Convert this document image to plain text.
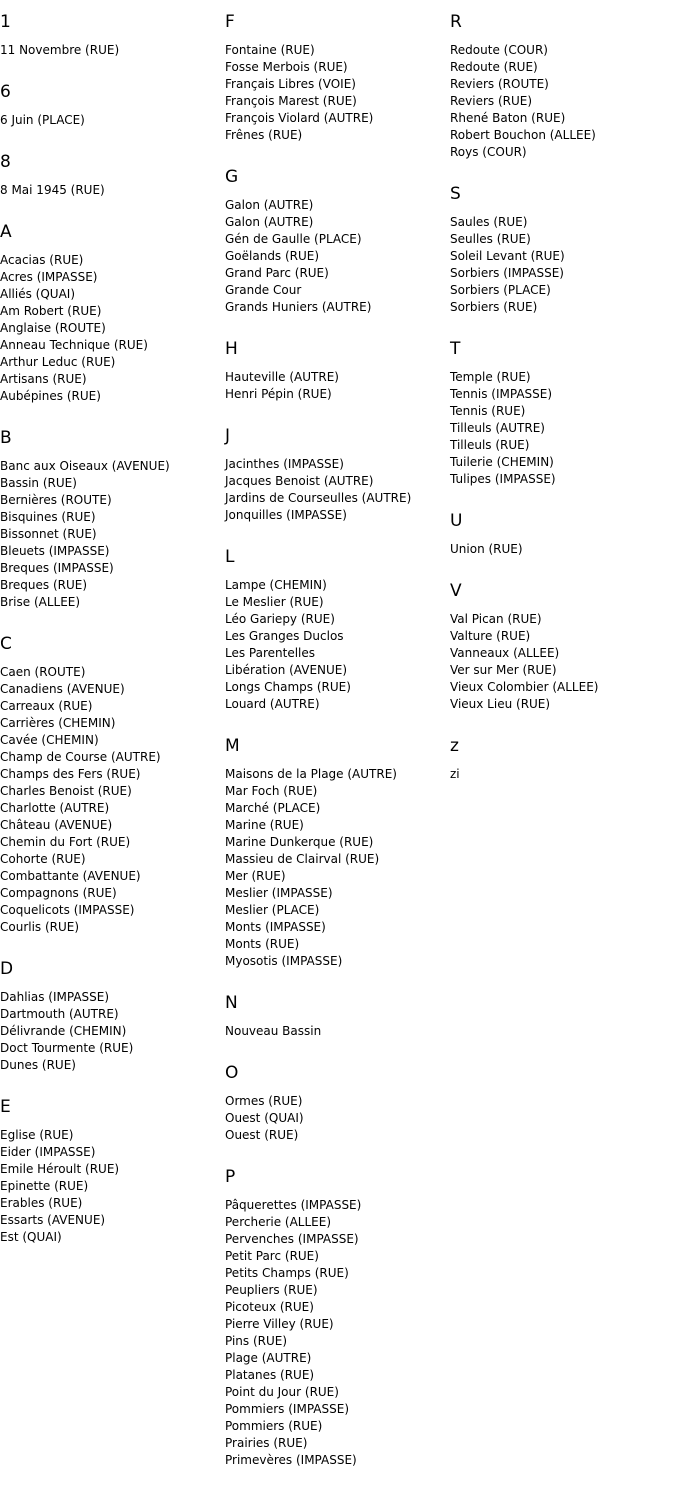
1
11 Novembre (RUE)
6
6 Juin (PLACE)
8
8 Mai 1945 (RUE)
A
Acacias (RUE)
Acres (IMPASSE)
Alliés (QUAI)
Am Robert (RUE)
Anglaise (ROUTE)
Anneau Technique (RUE)
Arthur Leduc (RUE)
Artisans (RUE)
Aubépines (RUE)
B
Banc aux Oiseaux (AVENUE)
Bassin (RUE)
Bernières (ROUTE)
Bisquines (RUE)
Bissonnet (RUE)
Bleuets (IMPASSE)
Breques (IMPASSE)
Breques (RUE)
Brise (ALLEE)
C
Caen (ROUTE)
Canadiens (AVENUE)
Carreaux (RUE)
Carrières (CHEMIN)
Cavée (CHEMIN)
Champ de Course (AUTRE)
Champs des Fers (RUE)
Charles Benoist (RUE)
Charlotte (AUTRE)
Château (AVENUE)
Chemin du Fort (RUE)
Cohorte (RUE)
Combattante (AVENUE)
Compagnons (RUE)
Coquelicots (IMPASSE)
Courlis (RUE)
D
Dahlias (IMPASSE)
Dartmouth (AUTRE)
Délivrande (CHEMIN)
Doct Tourmente (RUE)
Dunes (RUE)
E
Eglise (RUE)
Eider (IMPASSE)
Emile Héroult (RUE)
Epinette (RUE)
Erables (RUE)
Essarts (AVENUE)
Est (QUAI)
F
Fontaine (RUE)
Fosse Merbois (RUE)
Français Libres (VOIE)
François Marest (RUE)
François Violard (AUTRE)
Frênes (RUE)
G
Galon (AUTRE)
Galon (AUTRE)
Gén de Gaulle (PLACE)
Goëlands (RUE)
Grand Parc (RUE)
Grande Cour
Grands Huniers (AUTRE)
H
Hauteville (AUTRE)
Henri Pépin (RUE)
J
Jacinthes (IMPASSE)
Jacques Benoist (AUTRE)
Jardins de Courseulles (AUTRE)
Jonquilles (IMPASSE)
L
Lampe (CHEMIN)
Le Meslier (RUE)
Léo Gariepy (RUE)
Les Granges Duclos
Les Parentelles
Libération (AVENUE)
Longs Champs (RUE)
Louard (AUTRE)
M
Maisons de la Plage (AUTRE)
Mar Foch (RUE)
Marché (PLACE)
Marine (RUE)
Marine Dunkerque (RUE)
Massieu de Clairval (RUE)
Mer (RUE)
Meslier (IMPASSE)
Meslier (PLACE)
Monts (IMPASSE)
Monts (RUE)
Myosotis (IMPASSE)
N
Nouveau Bassin
O
Ormes (RUE)
Ouest (QUAI)
Ouest (RUE)
P
Pâquerettes (IMPASSE)
Percherie (ALLEE)
Pervenches (IMPASSE)
Petit Parc (RUE)
Petits Champs (RUE)
Peupliers (RUE)
Picoteux (RUE)
Pierre Villey (RUE)
Pins (RUE)
Plage (AUTRE)
Platanes (RUE)
Point du Jour (RUE)
Pommiers (IMPASSE)
Pommiers (RUE)
Prairies (RUE)
Primevères (IMPASSE)
R
Redoute (COUR)
Redoute (RUE)
Reviers (ROUTE)
Reviers (RUE)
Rhené Baton (RUE)
Robert Bouchon (ALLEE)
Roys (COUR)
S
Saules (RUE)
Seulles (RUE)
Soleil Levant (RUE)
Sorbiers (IMPASSE)
Sorbiers (PLACE)
Sorbiers (RUE)
T
Temple (RUE)
Tennis (IMPASSE)
Tennis (RUE)
Tilleuls (AUTRE)
Tilleuls (RUE)
Tuilerie (CHEMIN)
Tulipes (IMPASSE)
U
Union (RUE)
V
Val Pican (RUE)
Valture (RUE)
Vanneaux (ALLEE)
Ver sur Mer (RUE)
Vieux Colombier (ALLEE)
Vieux Lieu (RUE)
z
zi
